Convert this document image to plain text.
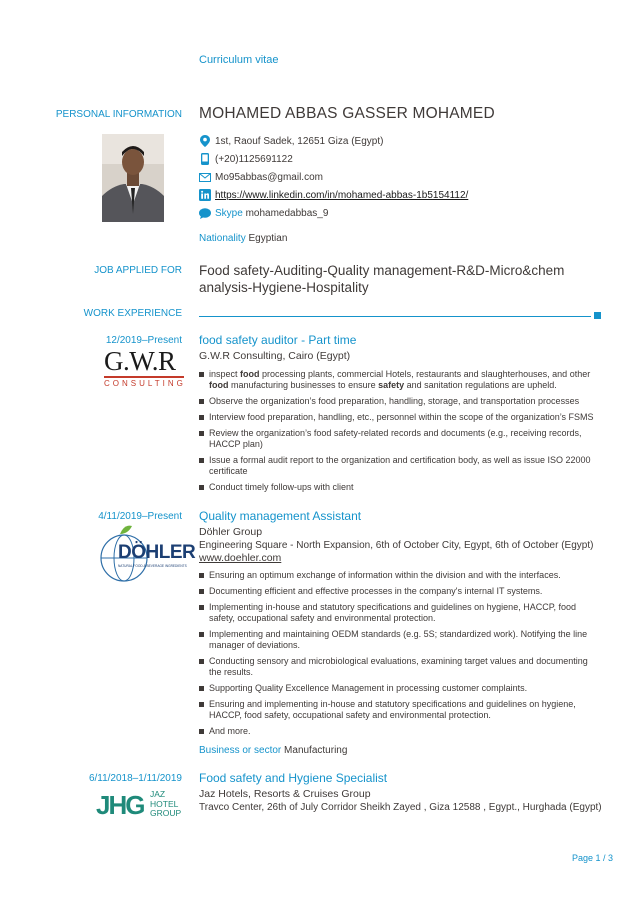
Curriculum vitae
PERSONAL INFORMATION MOHAMED ABBAS GASSER MOHAMED
1st, Raouf Sadek, 12651 Giza (Egypt)
(+20)1125691122
Mo95abbas@gmail.com
https://www.linkedin.com/in/mohamed-abbas-1b5154112/
Skype
mohamedabbas_9
Nationality Egyptian
JOB APPLIED FOR Food safety-Auditing-Quality management-R&D-Micro&chem
analysis-Hygiene-Hospitality
WORK EXPERIENCE
12/2019–Present food safety auditor - Part time
G.W.R Consulting, Cairo (Egypt)
G.W.R
CONSULTING
inspect food processing plants, commercial Hotels, restaurants and slaughterhouses, and other food manufacturing businesses to ensure safety and sanitation regulations are upheld.
Observe the organization’s food preparation, handling, storage, and transportation processes
Interview food preparation, handling, etc., personnel within the scope of the organization’s FSMS
Review the organization’s food safety-related records and documents (e.g., receiving records, HACCP plan)
Issue a formal audit report to the organization and certification body, as well as issue ISO 22000 certificate
Conduct timely follow-ups with client
4/11/2019–Present Quality management Assistant
Döhler Group
Engineering Square - North Expansion, 6th of October City, Egypt, 6th of October (Egypt)
www.doehler.com
DÖHLER
NATURAL FOOD & BEVERAGE INGREDIENTS
Ensuring an optimum exchange of information within the division and with the interfaces.
Documenting efficient and effective processes in the company's internal IT systems.
Implementing in-house and statutory specifications and guidelines on hygiene, HACCP, food safety, occupational safety and environmental protection.
Implementing and maintaining OEDM standards (e.g. 5S; standardized work). Notifying the line manager of deviations.
Conducting sensory and microbiological evaluations, examining target values and documenting the results.
Supporting Quality Excellence Management in processing customer complaints.
Ensuring and implementing in-house and statutory specifications and guidelines on hygiene, HACCP, food safety, occupational safety and environmental protection.
And more.
Business or sector Manufacturing
6/11/2018–1/11/2019 Food safety and Hygiene Specialist
Jaz Hotels, Resorts & Cruises Group
Travco Center, 26th of July Corridor Sheikh Zayed , Giza 12588 , Egypt., Hurghada (Egypt)
JHG JAZ
HOTEL
GROUP
Page 1 / 3
